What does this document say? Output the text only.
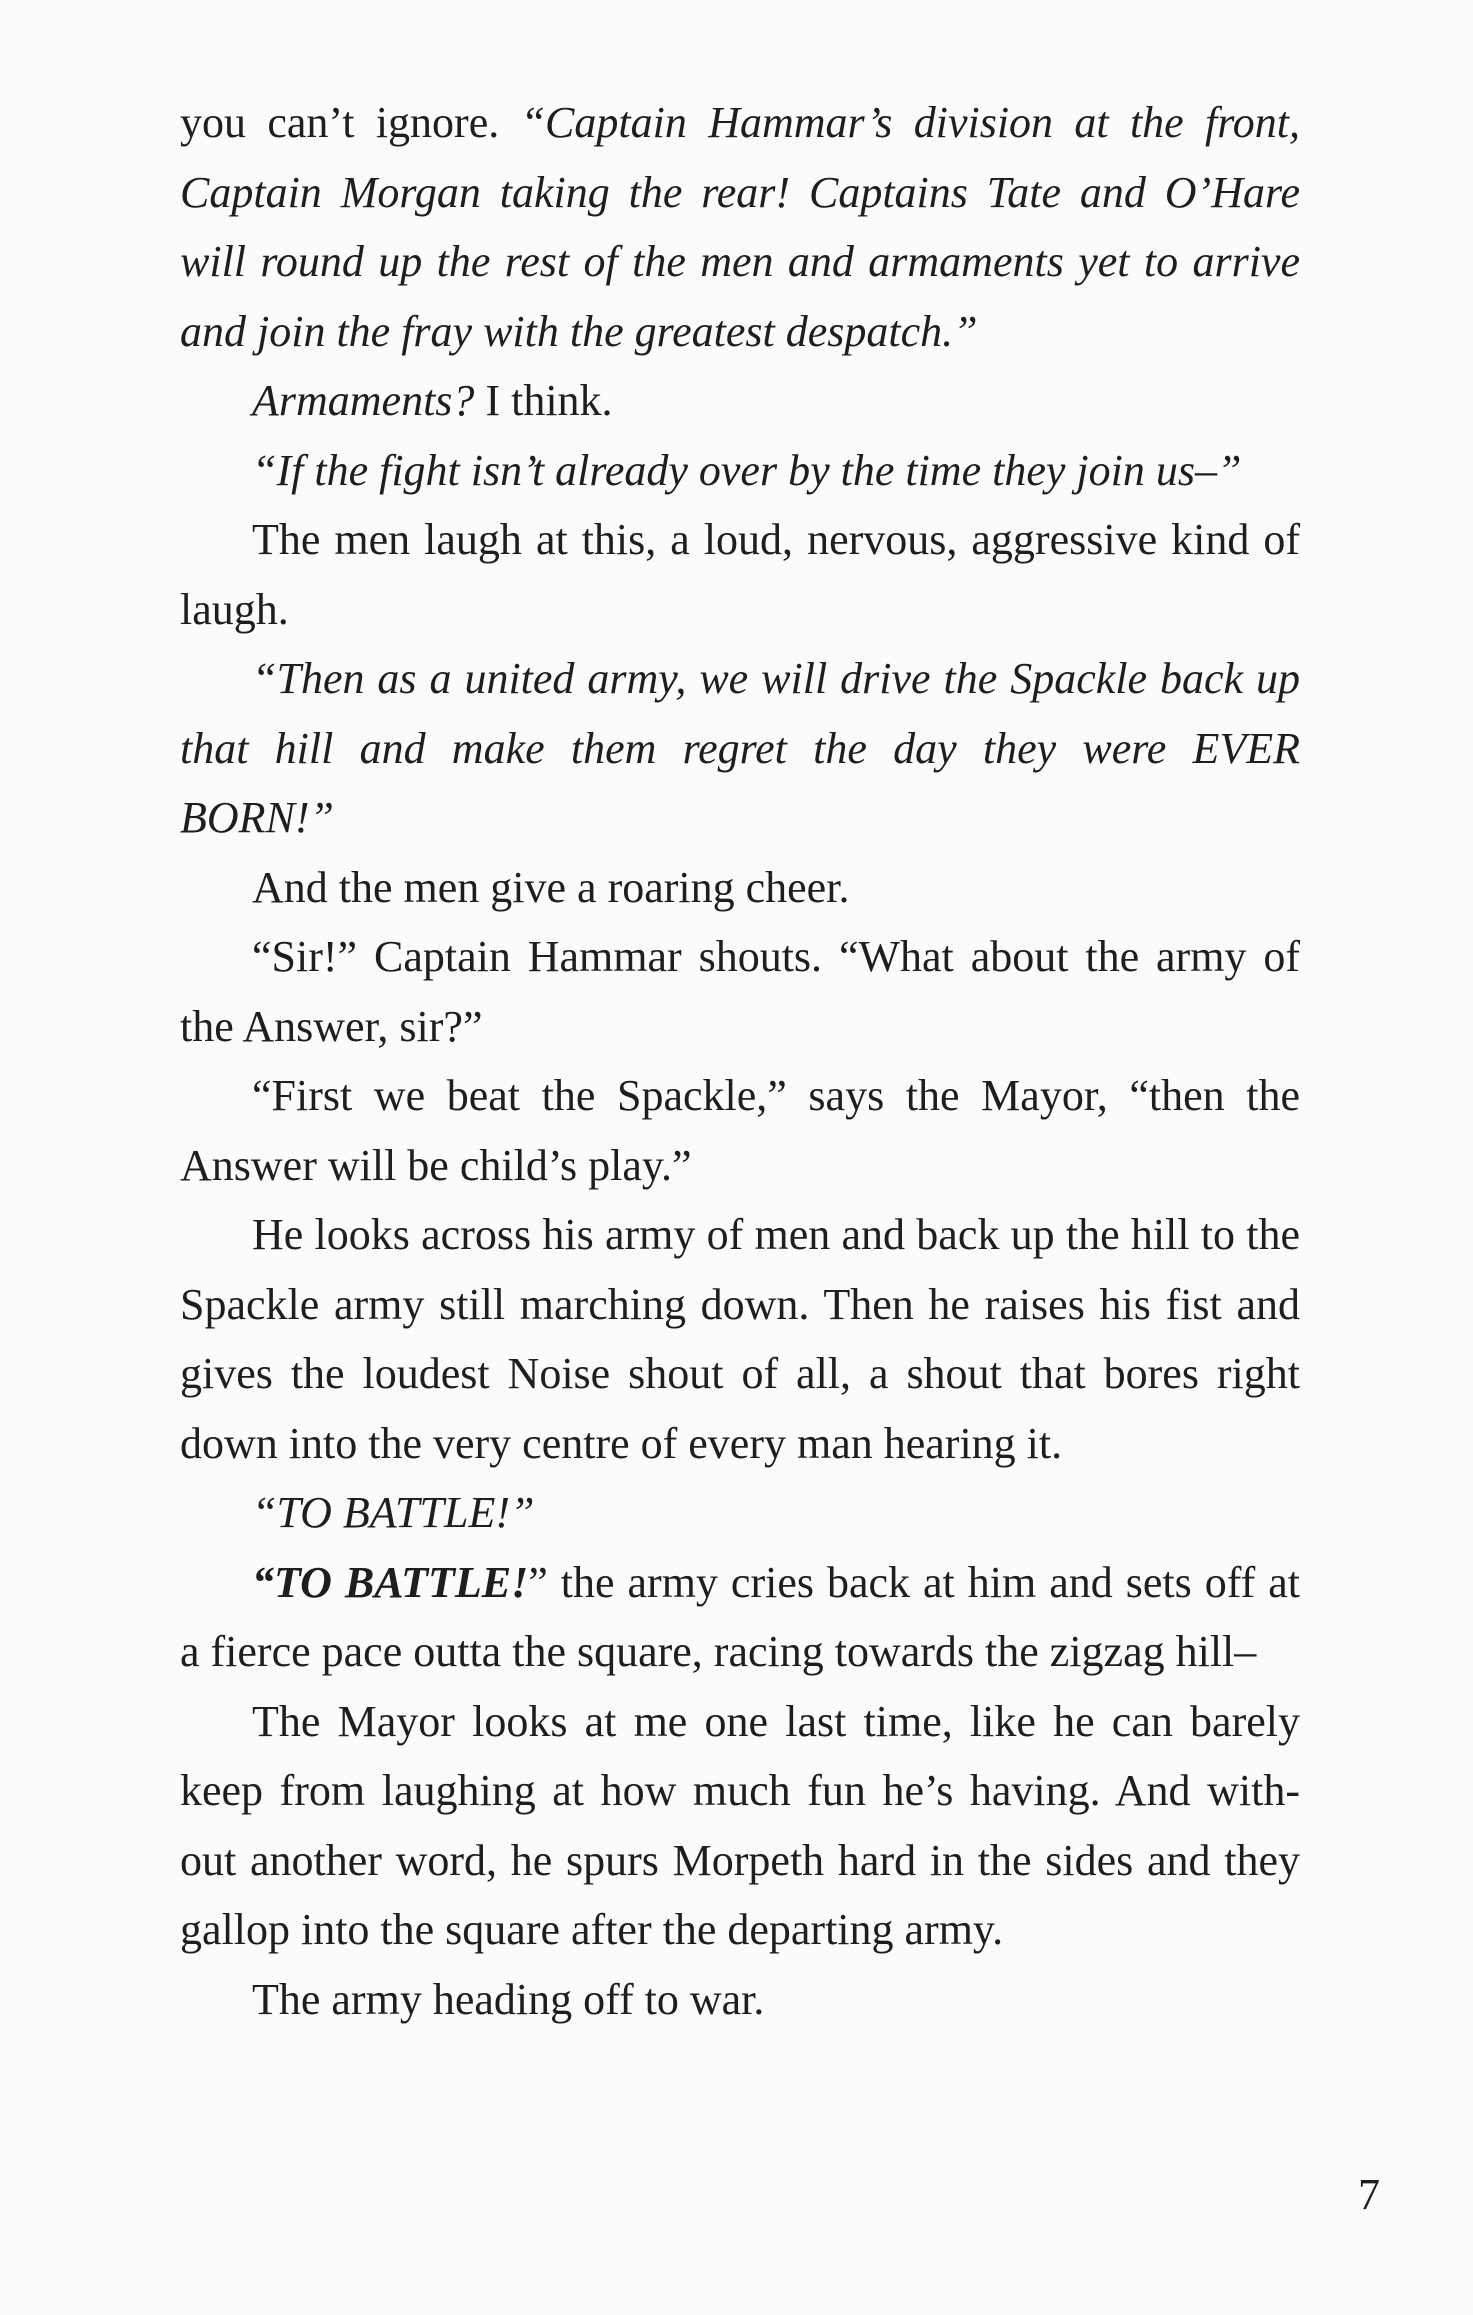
you can’t ignore. “Captain Hammar’s division at the front, Captain Morgan taking the rear! Captains Tate and O’Hare will round up the rest of the men and armaments yet to arrive and join the fray with the greatest despatch.”

Armaments? I think.

“If the fight isn’t already over by the time they join us–”

The men laugh at this, a loud, nervous, aggressive kind of laugh.

“Then as a united army, we will drive the Spackle back up that hill and make them regret the day they were EVER BORN!”

And the men give a roaring cheer.

“Sir!” Captain Hammar shouts. “What about the army of the Answer, sir?”

“First we beat the Spackle,” says the Mayor, “then the Answer will be child’s play.”

He looks across his army of men and back up the hill to the Spackle army still marching down. Then he raises his fist and gives the loudest Noise shout of all, a shout that bores right down into the very centre of every man hearing it.

“TO BATTLE!”

“TO BATTLE!” the army cries back at him and sets off at a fierce pace outta the square, racing towards the zigzag hill–

The Mayor looks at me one last time, like he can barely keep from laughing at how much fun he’s having. And with-out another word, he spurs Morpeth hard in the sides and they gallop into the square after the departing army.

The army heading off to war.

7
